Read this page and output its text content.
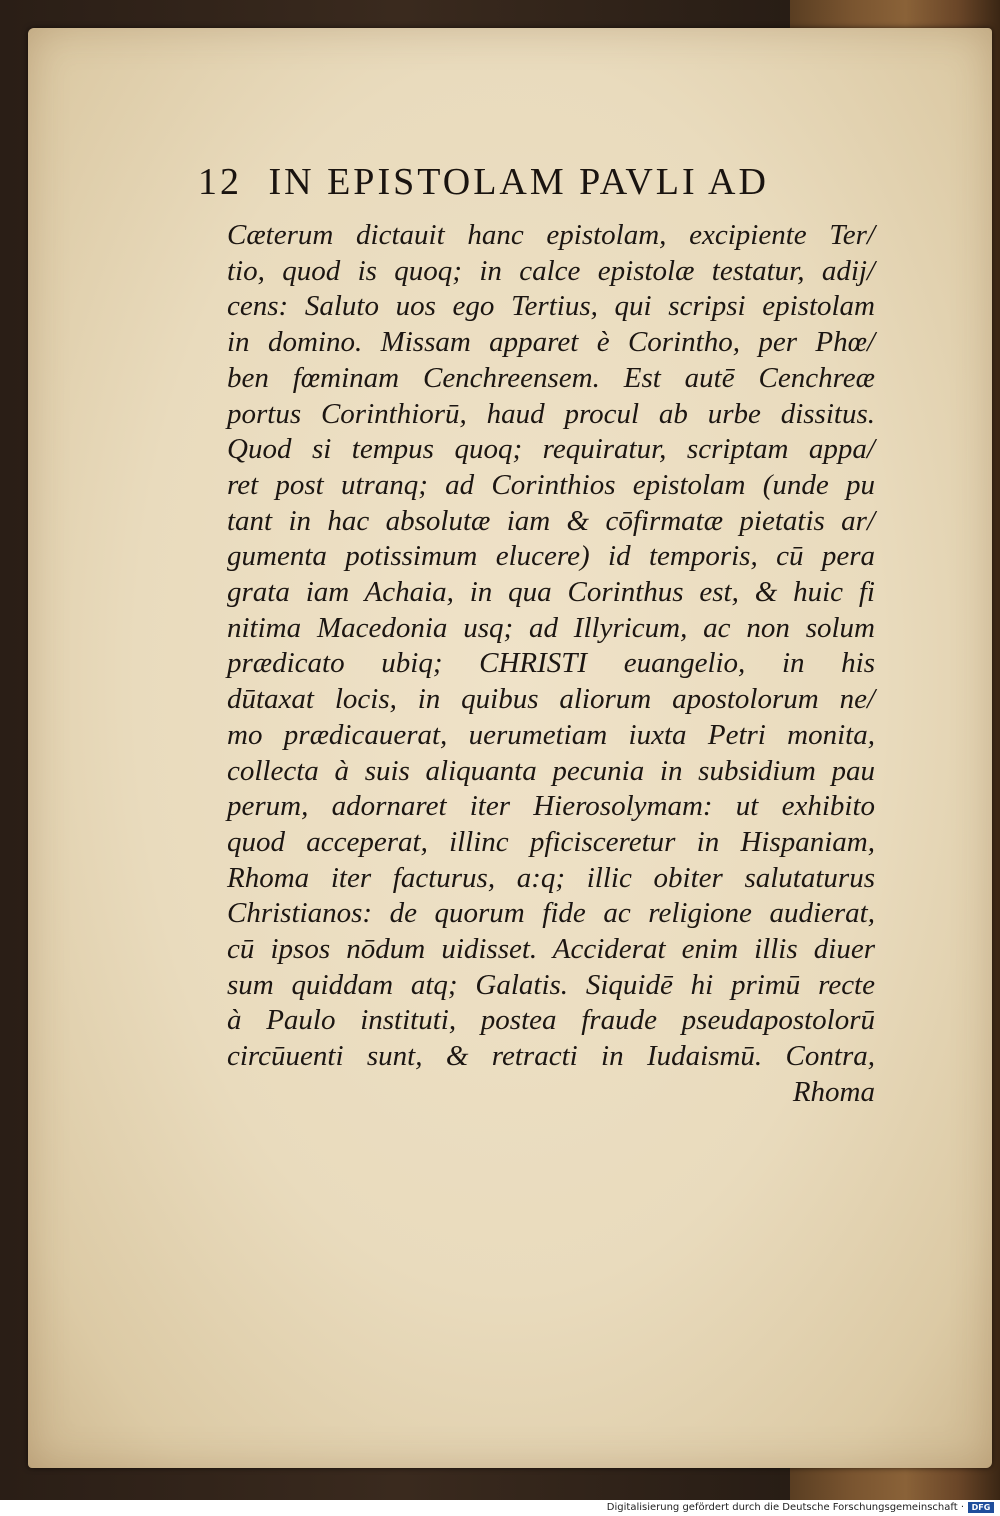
12 IN EPISTOLAM PAVLI AD
Cæterum dictauit hanc epistolam, excipiente Ter/
tio, quod is quoq; in calce epistolæ testatur, adij/
cens: Saluto uos ego Tertius, qui scripsi epistolam
in domino. Missam apparet è Corintho, per Phœ/
ben fœminam Cenchreensem. Est autē Cenchreæ
portus Corinthiorū, haud procul ab urbe dissitus.
Quod si tempus quoq; requiratur, scriptam appa/
ret post utranq; ad Corinthios epistolam (unde pu
tant in hac absolutæ iam & cōfirmatæ pietatis ar/
gumenta potissimum elucere) id temporis, cū pera
grata iam Achaia, in qua Corinthus est, & huic fi
nitima Macedonia usq; ad Illyricum, ac non solum
prædicato ubiq; CHRISTI euangelio, in his
dūtaxat locis, in quibus aliorum apostolorum ne/
mo prædicauerat, uerumetiam iuxta Petri monita,
collecta à suis aliquanta pecunia in subsidium pau
perum, adornaret iter Hierosolymam: ut exhibito
quod acceperat, illinc pficisceretur in Hispaniam,
Rhoma iter facturus, a:q; illic obiter salutaturus
Christianos: de quorum fide ac religione audierat,
cū ipsos nōdum uidisset. Acciderat enim illis diuer
sum quiddam atq; Galatis. Siquidē hi primū recte
à Paulo instituti, postea fraude pseudapostolorū
circūuenti sunt, & retracti in Iudaismū. Contra,
Rhoma
Digitalisierung gefördert durch die Deutsche Forschungsgemeinschaft · DFG
